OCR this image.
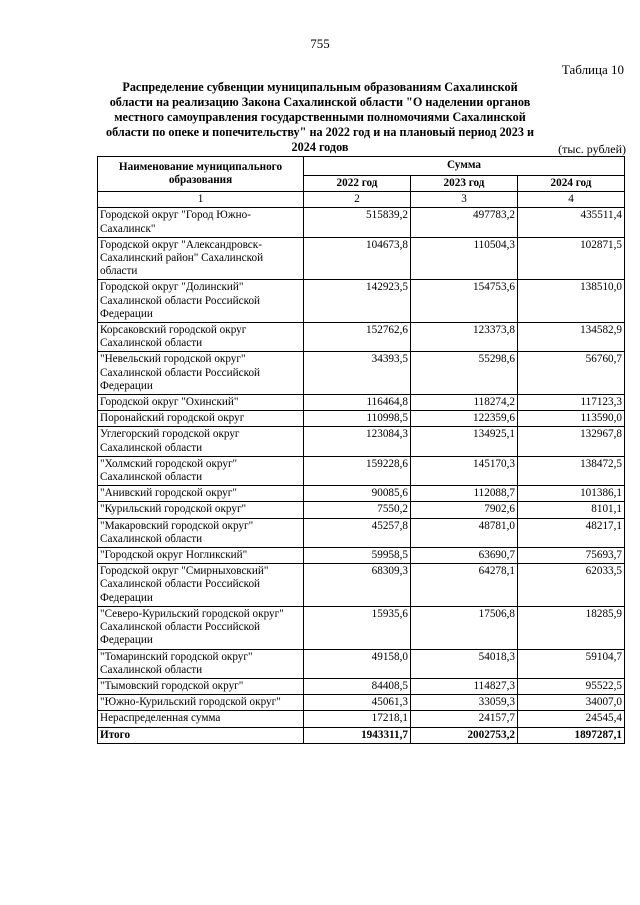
755
Таблица 10
Распределение субвенции муниципальным образованиям Сахалинской области на реализацию Закона Сахалинской области "О наделении органов местного самоуправления государственными полномочиями Сахалинской области по опеке и попечительству" на 2022 год и на плановый период 2023 и 2024 годов	(тыс. рублей)
Наименование муниципального образования	Сумма		
	2022 год	2023 год	2024 год
1	2	3	4
Городской округ "Город Южно-Сахалинск"	515839,2	497783,2	435511,4
Городской округ "Александровск-Сахалинский район" Сахалинской области	104673,8	110504,3	102871,5
Городской округ "Долинский" Сахалинской области Российской Федерации	142923,5	154753,6	138510,0
Корсаковский городской округ Сахалинской области	152762,6	123373,8	134582,9
"Невельский городской округ" Сахалинской области Российской Федерации	34393,5	55298,6	56760,7
Городской округ "Охинский"	116464,8	118274,2	117123,3
Поронайский городской округ	110998,5	122359,6	113590,0
Углегорский городской округ Сахалинской области	123084,3	134925,1	132967,8
"Холмский городской округ" Сахалинской области	159228,6	145170,3	138472,5
"Анивский городской округ"	90085,6	112088,7	101386,1
"Курильский городской округ"	7550,2	7902,6	8101,1
"Макаровский городской округ" Сахалинской области	45257,8	48781,0	48217,1
"Городской округ Ногликский"	59958,5	63690,7	75693,7
Городской округ "Смирныховский" Сахалинской области Российской Федерации	68309,3	64278,1	62033,5
"Северо-Курильский городской округ" Сахалинской области Российской Федерации	15935,6	17506,8	18285,9
"Томаринский городской округ" Сахалинской области	49158,0	54018,3	59104,7
"Тымовский городской округ"	84408,5	114827,3	95522,5
"Южно-Курильский городской округ"	45061,3	33059,3	34007,0
Нераспределенная сумма	17218,1	24157,7	24545,4
Итого	1943311,7	2002753,2	1897287,1
